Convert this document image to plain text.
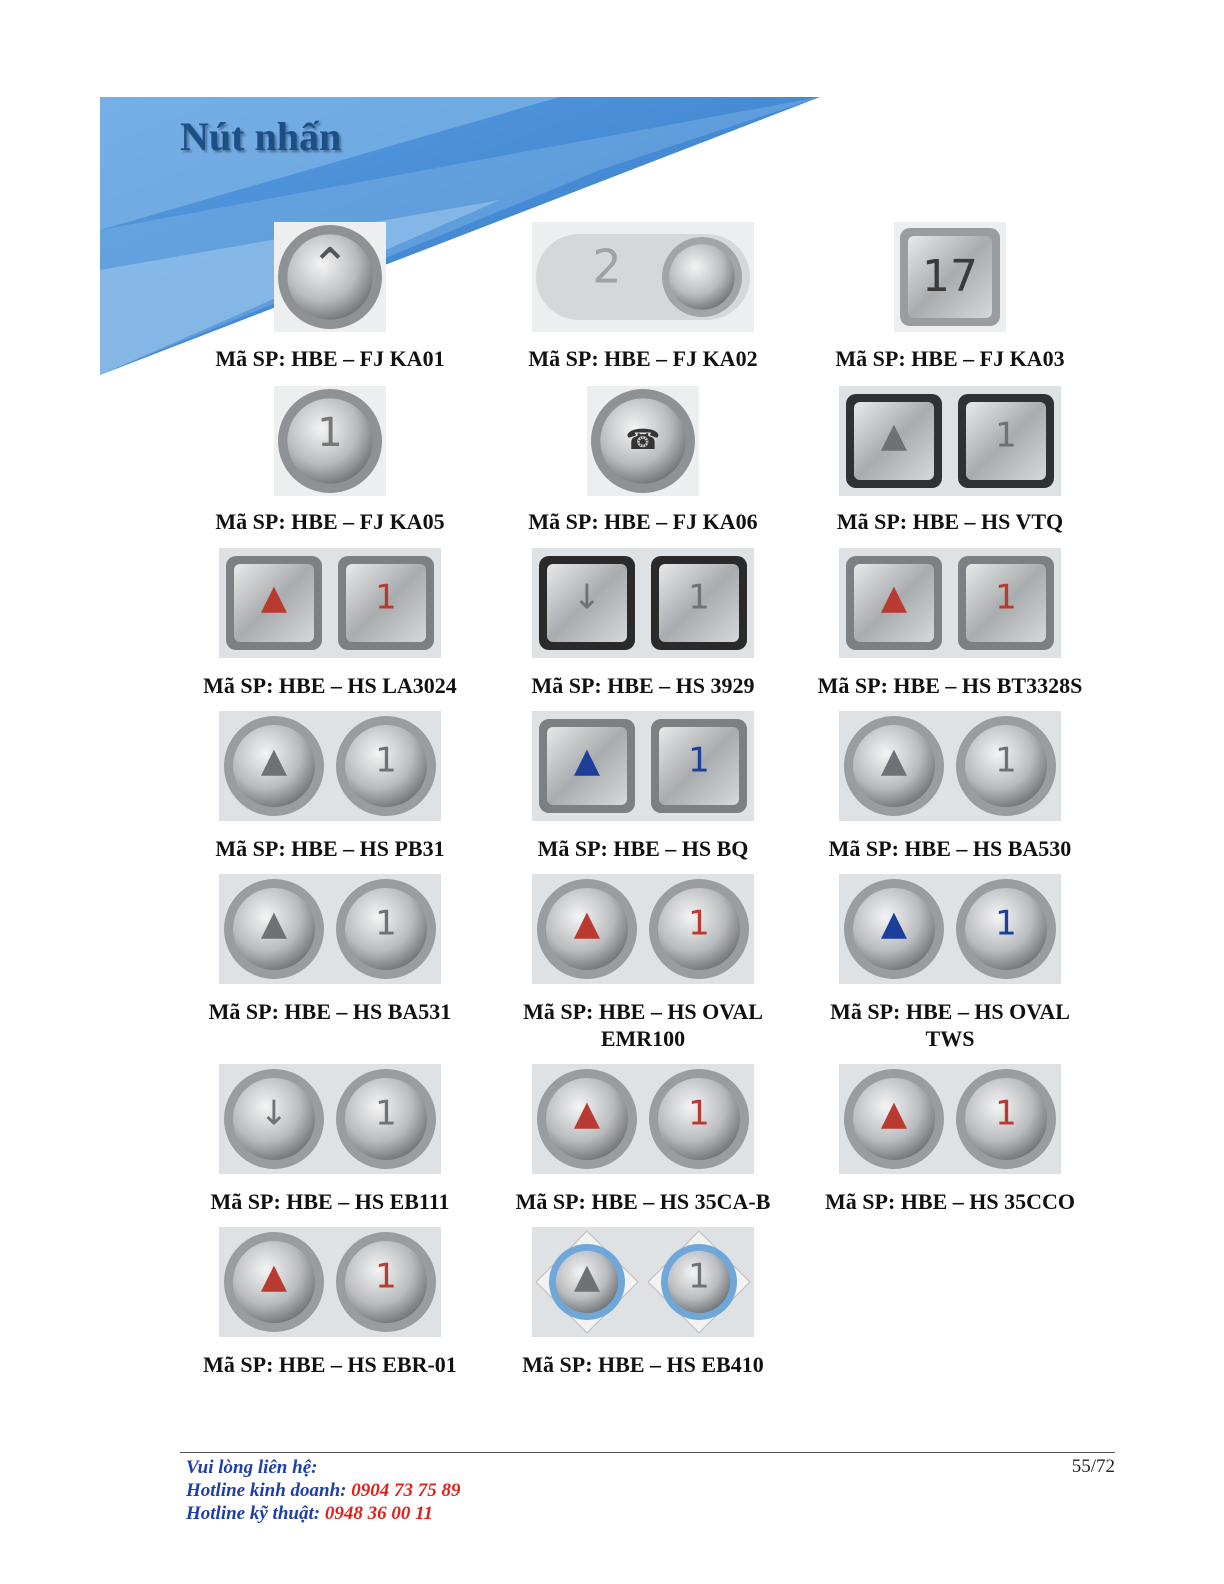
Nút nhấn
⌃
Mã SP: HBE – FJ KA01
2
Mã SP: HBE – FJ KA02
17
Mã SP: HBE – FJ KA03
1
Mã SP: HBE – FJ KA05
☎
Mã SP: HBE – FJ KA06
▲	1
Mã SP: HBE – HS VTQ
▲	1
Mã SP: HBE – HS LA3024
↓	1
Mã SP: HBE – HS 3929
▲	1
Mã SP: HBE – HS BT3328S
▲	1
Mã SP: HBE – HS PB31
▲	1
Mã SP: HBE – HS BQ
▲	1
Mã SP: HBE – HS BA530
▲	1
Mã SP: HBE – HS BA531
▲	1
Mã SP: HBE – HS OVAL
EMR100
▲	1
Mã SP: HBE – HS OVAL
TWS
↓	1
Mã SP: HBE – HS EB111
▲	1
Mã SP: HBE – HS 35CA-B
▲	1
Mã SP: HBE – HS 35CCO
▲	1
Mã SP: HBE – HS EBR-01
▲	1
Mã SP: HBE – HS EB410
Vui lòng liên hệ:
Hotline kinh doanh: 0904 73 75 89
Hotline kỹ thuật: 0948 36 00 11
55/72
